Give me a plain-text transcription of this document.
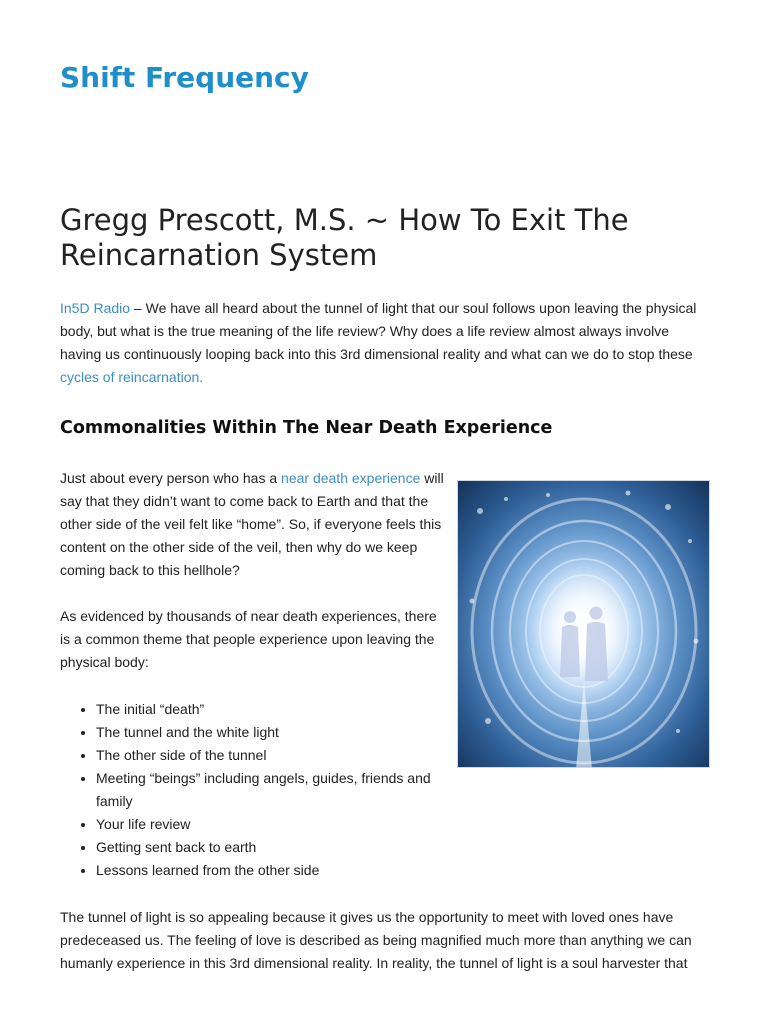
Shift Frequency
Gregg Prescott, M.S. ~ How To Exit The Reincarnation System

In5D Radio – We have all heard about the tunnel of light that our soul follows upon leaving the physical body, but what is the true meaning of the life review? Why does a life review almost always involve having us continuously looping back into this 3rd dimensional reality and what can we do to stop these cycles of reincarnation.

Commonalities Within The Near Death Experience

Just about every person who has a near death experience will say that they didn’t want to come back to Earth and that the other side of the veil felt like “home”. So, if everyone feels this content on the other side of the veil, then why do we keep coming back to this hellhole?

As evidenced by thousands of near death experiences, there is a common theme that people experience upon leaving the physical body:

• The initial “death”
• The tunnel and the white light
• The other side of the tunnel
• Meeting “beings” including angels, guides, friends and family
• Your life review
• Getting sent back to earth
• Lessons learned from the other side

The tunnel of light is so appealing because it gives us the opportunity to meet with loved ones have predeceased us. The feeling of love is described as being magnified much more than anything we can humanly experience in this 3rd dimensional reality. In reality, the tunnel of light is a soul harvester that
